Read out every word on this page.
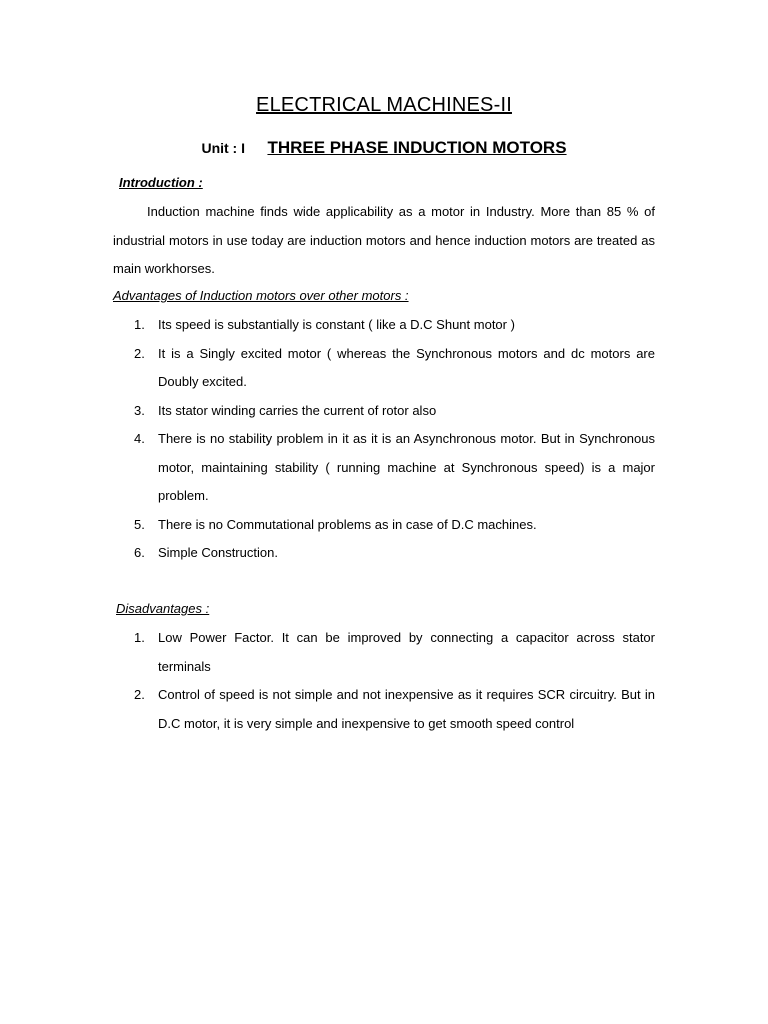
ELECTRICAL MACHINES-II
Unit : I THREE PHASE INDUCTION MOTORS
Introduction :
Induction machine finds wide applicability as a motor in Industry. More than 85 % of industrial motors in use today are induction motors and hence induction motors are treated as main workhorses.
Advantages of Induction motors over other motors :
1. Its speed is substantially is constant ( like a D.C Shunt motor )
2. It is a Singly excited motor ( whereas the Synchronous motors and dc motors are Doubly excited.
3. Its stator winding carries the current of rotor also
4. There is no stability problem in it as it is an Asynchronous motor. But in Synchronous motor, maintaining stability ( running machine at Synchronous speed) is a major problem.
5. There is no Commutational problems as in case of D.C machines.
6. Simple Construction.
Disadvantages :
1. Low Power Factor. It can be improved by connecting a capacitor across stator terminals
2. Control of speed is not simple and not inexpensive as it requires SCR circuitry. But in D.C motor, it is very simple and inexpensive to get smooth speed control
